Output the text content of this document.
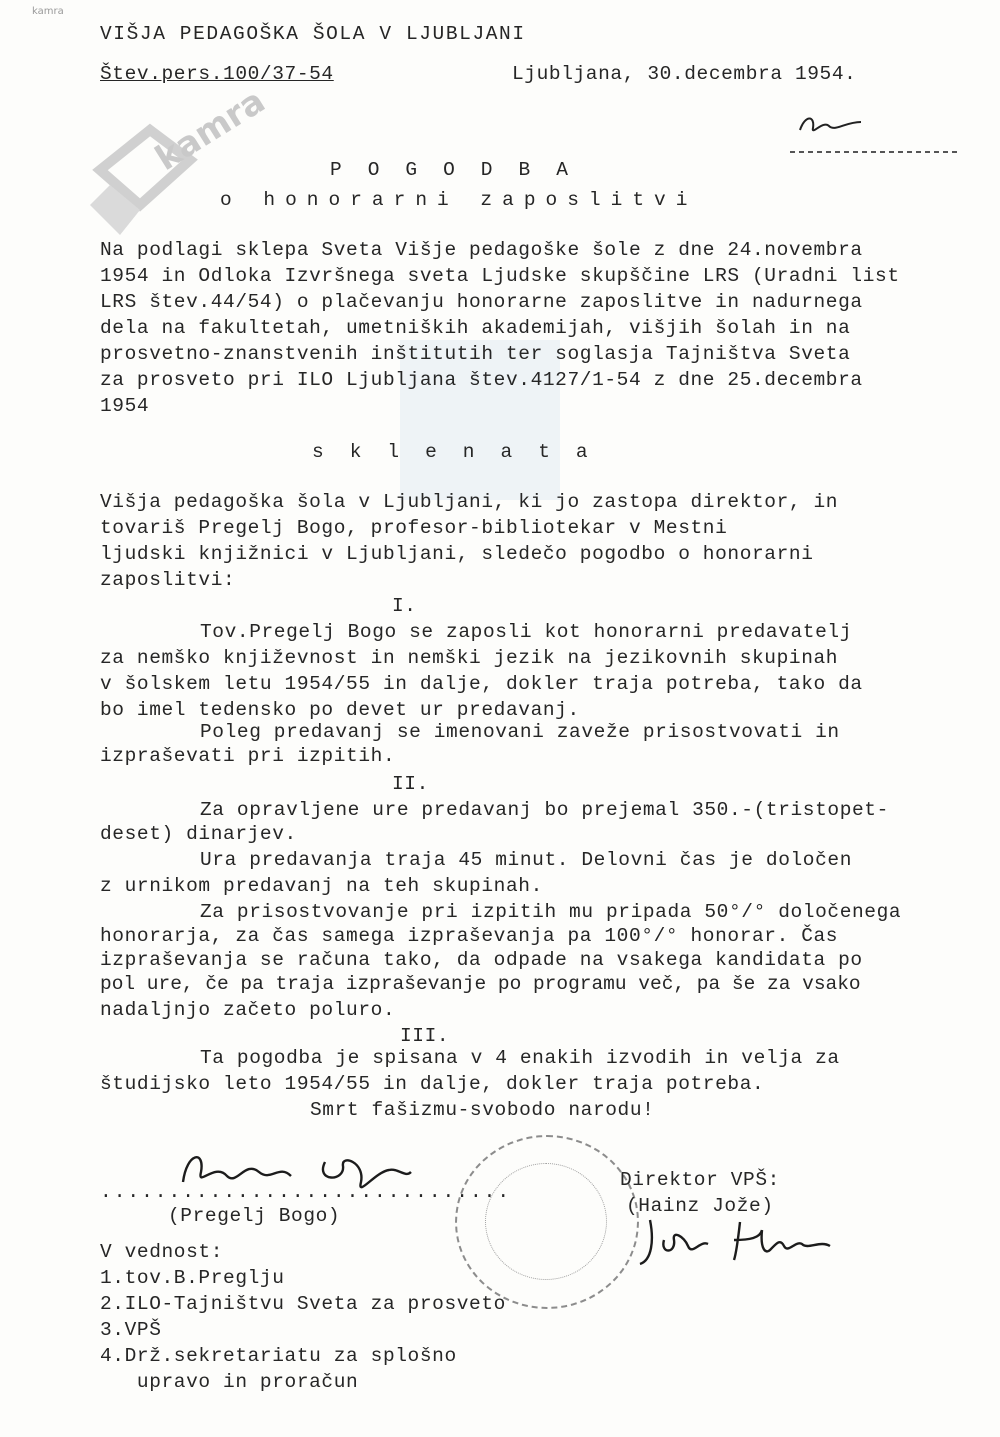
kamra
kamra
VIŠJA PEDAGOŠKA ŠOLA V LJUBLJANI
Štev.pers.100/37-54	Ljubljana, 30.decembra 1954.
POGODBA
o honorarni zaposlitvi
Na podlagi sklepa Sveta Višje pedagoške šole z dne 24.novembra
1954 in Odloka Izvršnega sveta Ljudske skupščine LRS (Uradni list
LRS štev.44/54) o plačevanju honorarne zaposlitve in nadurnega
dela na fakultetah, umetniških akademijah, višjih šolah in na
prosvetno-znanstvenih inštitutih ter soglasja Tajništva Sveta
za prosveto pri ILO Ljubljana štev.4127/1-54 z dne 25.decembra
1954
sklenata
Višja pedagoška šola v Ljubljani, ki jo zastopa direktor, in
tovariš Pregelj Bogo, profesor-bibliotekar v Mestni
ljudski knjižnici v Ljubljani, sledečo pogodbo o honorarni
zaposlitvi:
I.
Tov.Pregelj Bogo se zaposli kot honorarni predavatelj
za nemško književnost in nemški jezik na jezikovnih skupinah
v šolskem letu 1954/55 in dalje, dokler traja potreba, tako da
bo imel tedensko po devet ur predavanj.
Poleg predavanj se imenovani zaveže prisostvovati in
izpraševati pri izpitih.
II.
Za opravljene ure predavanj bo prejemal 350.-(tristopet-
deset) dinarjev.
Ura predavanja traja 45 minut. Delovni čas je določen
z urnikom predavanj na teh skupinah.
Za prisostvovanje pri izpitih mu pripada 50°/° določenega
honorarja, za čas samega izpraševanja pa 100°/° honorar. Čas
izpraševanja se računa tako, da odpade na vsakega kandidata po
pol ure, če pa traja izpraševanje po programu več, pa še za vsako
nadaljnjo začeto poluro.
III.
Ta pogodba je spisana v 4 enakih izvodih in velja za
študijsko leto 1954/55 in dalje, dokler traja potreba.
Smrt fašizmu-svobodo narodu!
..............................
(Pregelj Bogo)
Direktor VPŠ:
(Hainz Jože)
V vednost:
1.tov.B.Preglju
2.ILO-Tajništvu Sveta za prosveto
3.VPŠ
4.Drž.sekretariatu za splošno
upravo in proračun
